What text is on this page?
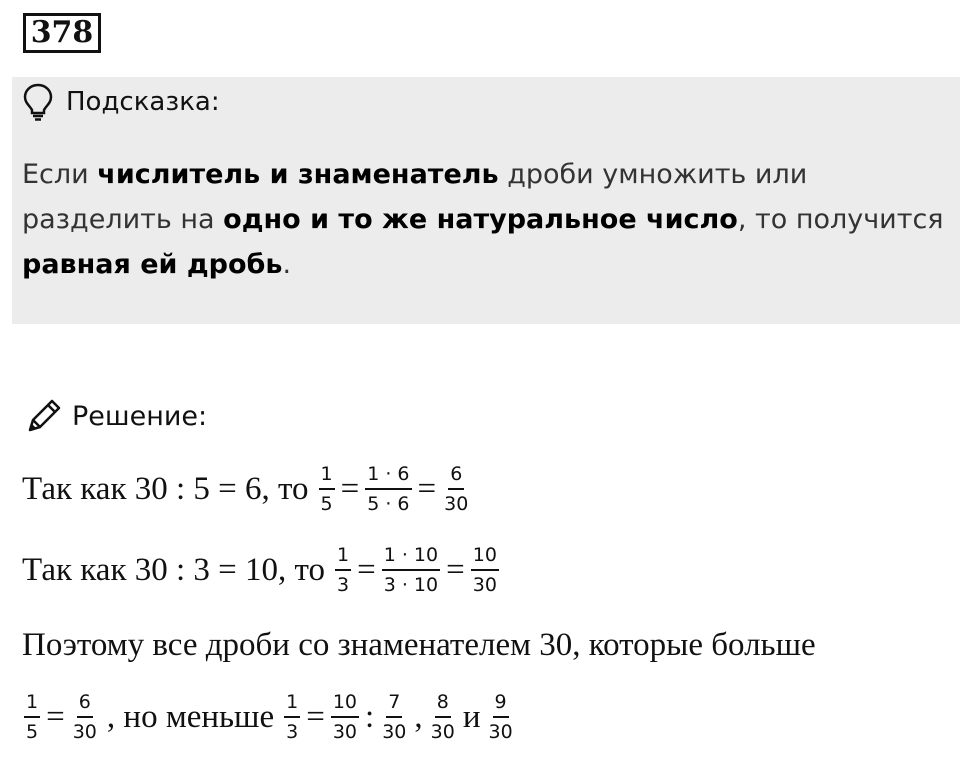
378
Подсказка:
Если числитель и знаменатель дроби умножить или разделить на одно и то же натуральное число, то получится равная ей дробь.
Решение:
Так как 30 : 5 = 6, то $\frac{1}{5} = \frac{1 \cdot 6}{5 \cdot 6} = \frac{6}{30}$
Так как 30 : 3 = 10, то $\frac{1}{3} = \frac{1 \cdot 10}{3 \cdot 10} = \frac{10}{30}$
Поэтому все дроби со знаменателем 30, которые больше
$\frac{1}{5} = \frac{6}{30}$ , но меньше $\frac{1}{3} = \frac{10}{30}$ : $\frac{7}{30}$ , $\frac{8}{30}$ и $\frac{9}{30}$
